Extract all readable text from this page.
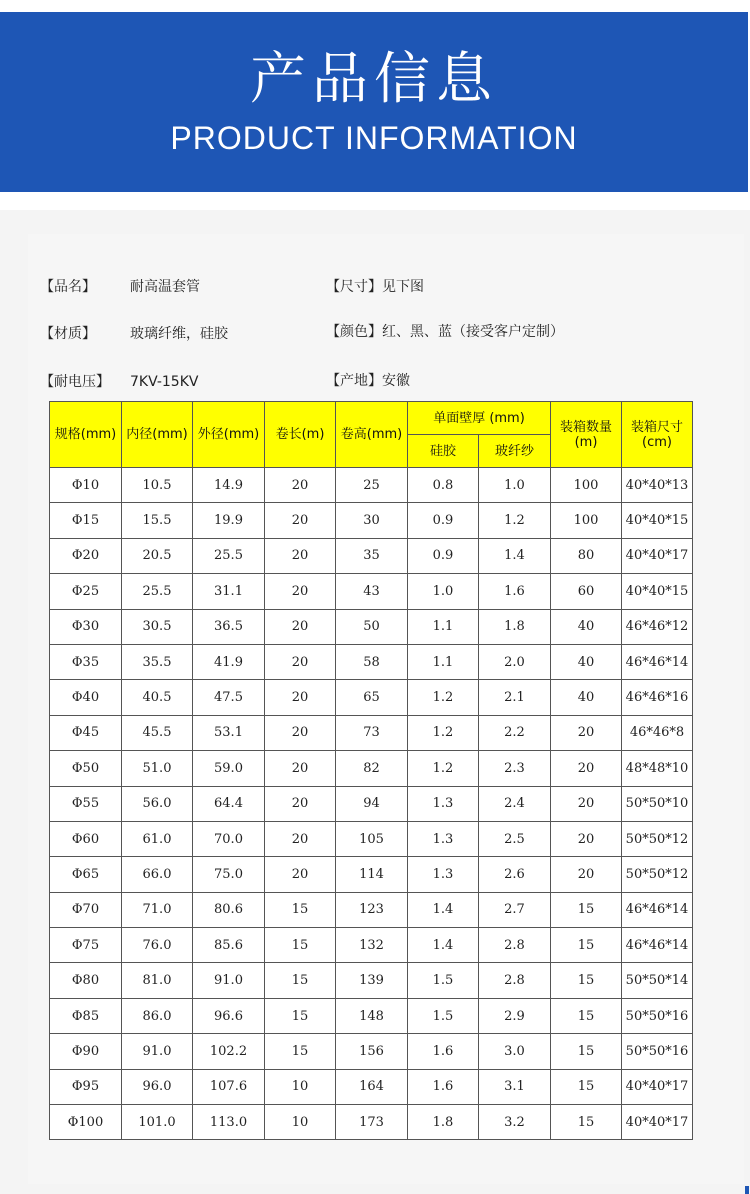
产品信息
PRODUCT INFORMATION
【品名】 耐高温套管	【尺寸】见下图
【材质】 玻璃纤维，硅胶	【颜色】红、黑、蓝（接受客户定制）
【耐电压】 7KV-15KV	【产地】安徽
规格(mm)	内径(mm)	外径(mm)	卷长(m)	卷高(mm)	单面壁厚 (mm)		装箱数量(m)	装箱尺寸(cm)
					硅胶	玻纤纱		
Φ10	10.5	14.9	20	25	0.8	1.0	100	40*40*13
Φ15	15.5	19.9	20	30	0.9	1.2	100	40*40*15
Φ20	20.5	25.5	20	35	0.9	1.4	80	40*40*17
Φ25	25.5	31.1	20	43	1.0	1.6	60	40*40*15
Φ30	30.5	36.5	20	50	1.1	1.8	40	46*46*12
Φ35	35.5	41.9	20	58	1.1	2.0	40	46*46*14
Φ40	40.5	47.5	20	65	1.2	2.1	40	46*46*16
Φ45	45.5	53.1	20	73	1.2	2.2	20	46*46*8
Φ50	51.0	59.0	20	82	1.2	2.3	20	48*48*10
Φ55	56.0	64.4	20	94	1.3	2.4	20	50*50*10
Φ60	61.0	70.0	20	105	1.3	2.5	20	50*50*12
Φ65	66.0	75.0	20	114	1.3	2.6	20	50*50*12
Φ70	71.0	80.6	15	123	1.4	2.7	15	46*46*14
Φ75	76.0	85.6	15	132	1.4	2.8	15	46*46*14
Φ80	81.0	91.0	15	139	1.5	2.8	15	50*50*14
Φ85	86.0	96.6	15	148	1.5	2.9	15	50*50*16
Φ90	91.0	102.2	15	156	1.6	3.0	15	50*50*16
Φ95	96.0	107.6	10	164	1.6	3.1	15	40*40*17
Φ100	101.0	113.0	10	173	1.8	3.2	15	40*40*17
